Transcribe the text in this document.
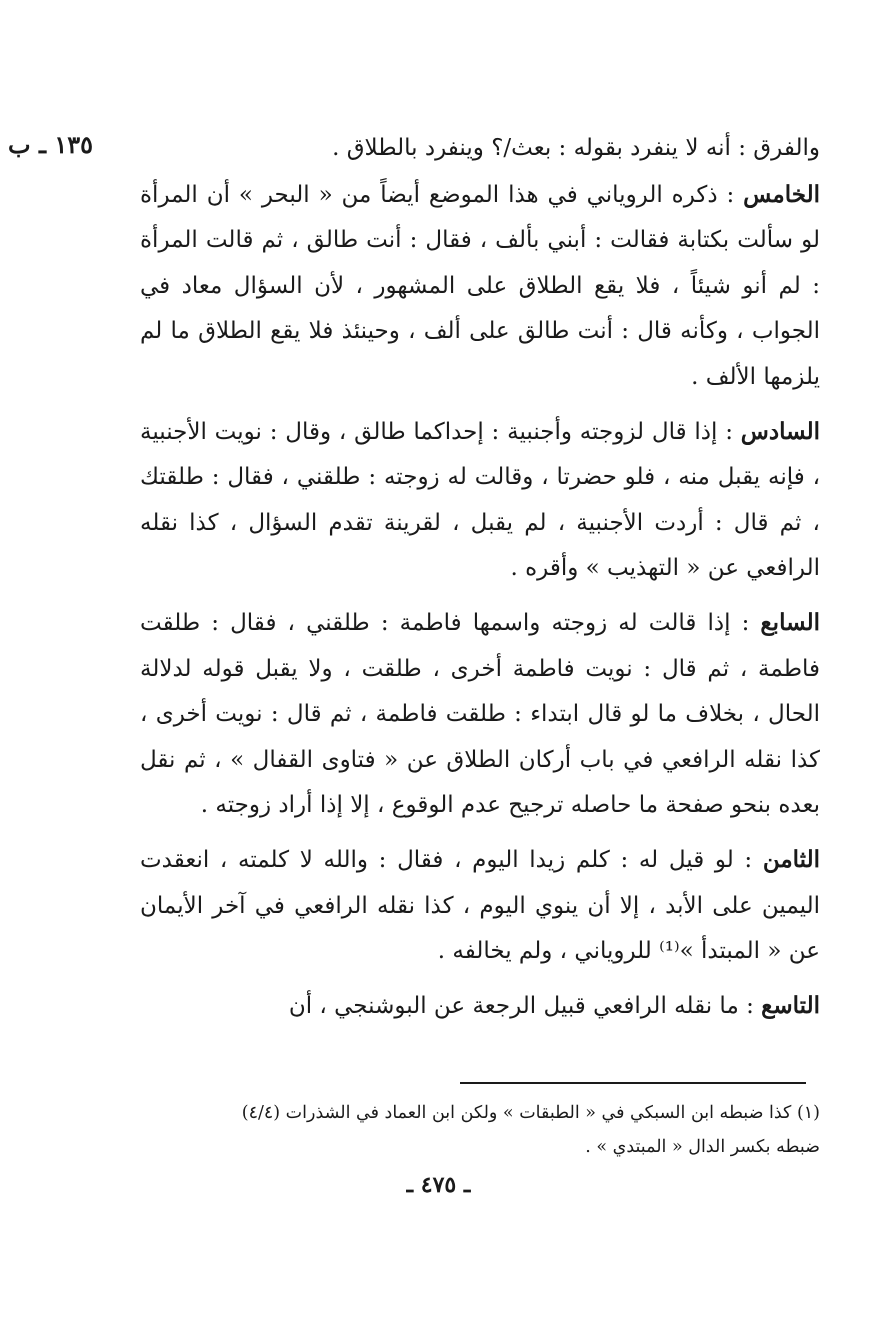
١٣٥ ـ ب	والفرق : أنه لا ينفرد بقوله : بعث/؟ وينفرد بالطلاق .

الخامس : ذكره الروياني في هذا الموضع أيضاً من « البحر » أن المرأة لو سألت بكتابة فقالت : أبني بألف ، فقال : أنت طالق ، ثم قالت المرأة : لم أنو شيئاً ، فلا يقع الطلاق على المشهور ، لأن السؤال معاد في الجواب ، وكأنه قال : أنت طالق على ألف ، وحينئذ فلا يقع الطلاق ما لم يلزمها الألف .

السادس : إذا قال لزوجته وأجنبية : إحداكما طالق ، وقال : نويت الأجنبية ، فإنه يقبل منه ، فلو حضرتا ، وقالت له زوجته : طلقني ، فقال : طلقتك ، ثم قال : أردت الأجنبية ، لم يقبل ، لقرينة تقدم السؤال ، كذا نقله الرافعي عن « التهذيب » وأقره .

السابع : إذا قالت له زوجته واسمها فاطمة : طلقني ، فقال : طلقت فاطمة ، ثم قال : نويت فاطمة أخرى ، طلقت ، ولا يقبل قوله لدلالة الحال ، بخلاف ما لو قال ابتداء : طلقت فاطمة ، ثم قال : نويت أخرى ، كذا نقله الرافعي في باب أركان الطلاق عن « فتاوى القفال » ، ثم نقل بعده بنحو صفحة ما حاصله ترجيح عدم الوقوع ، إلا إذا أراد زوجته .

الثامن : لو قيل له : كلم زيدا اليوم ، فقال : والله لا كلمته ، انعقدت اليمين على الأبد ، إلا أن ينوي اليوم ، كذا نقله الرافعي في آخر الأيمان عن « المبتدأ »⁽¹⁾ للروياني ، ولم يخالفه .

التاسع : ما نقله الرافعي قبيل الرجعة عن البوشنجي ، أن

(١) كذا ضبطه ابن السبكي في « الطبقات » ولكن ابن العماد في الشذرات (٤/٤)

ضبطه بكسر الدال « المبتدي » .

ـ ٤٧٥ ـ
